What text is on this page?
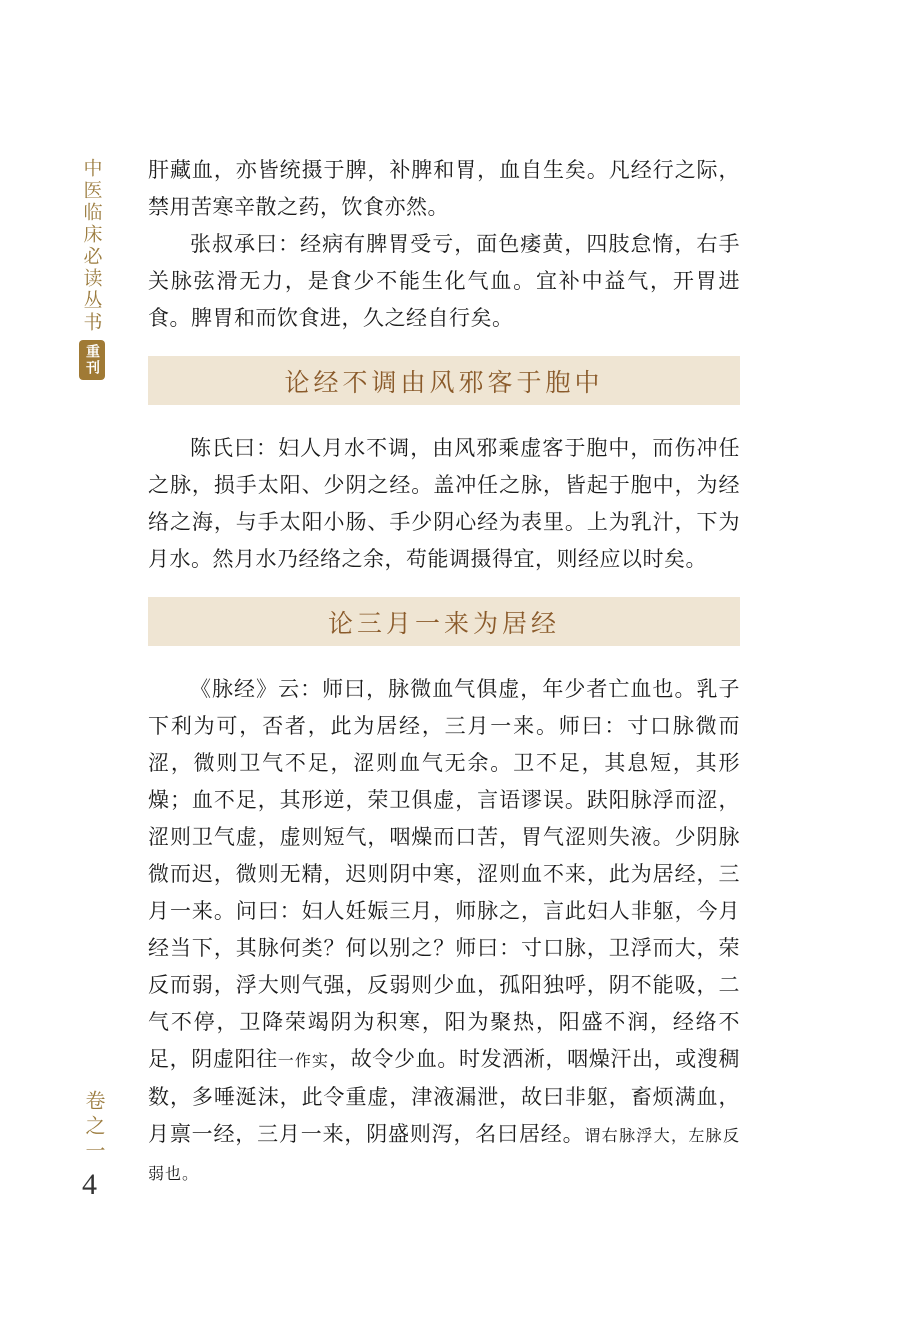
中医临床必读丛书
重刊
卷之一
4

肝藏血，亦皆统摄于脾，补脾和胃，血自生矣。凡经行之际，禁用苦寒辛散之药，饮食亦然。

张叔承曰：经病有脾胃受亏，面色痿黄，四肢怠惰，右手关脉弦滑无力，是食少不能生化气血。宜补中益气，开胃进食。脾胃和而饮食进，久之经自行矣。

论经不调由风邪客于胞中

陈氏曰：妇人月水不调，由风邪乘虚客于胞中，而伤冲任之脉，损手太阳、少阴之经。盖冲任之脉，皆起于胞中，为经络之海，与手太阳小肠、手少阴心经为表里。上为乳汁，下为月水。然月水乃经络之余，苟能调摄得宜，则经应以时矣。

论三月一来为居经

《脉经》云：师曰，脉微血气俱虚，年少者亡血也。乳子下利为可，否者，此为居经，三月一来。师曰：寸口脉微而涩，微则卫气不足，涩则血气无余。卫不足，其息短，其形燥；血不足，其形逆，荣卫俱虚，言语谬误。趺阳脉浮而涩，涩则卫气虚，虚则短气，咽燥而口苦，胃气涩则失液。少阴脉微而迟，微则无精，迟则阴中寒，涩则血不来，此为居经，三月一来。问曰：妇人妊娠三月，师脉之，言此妇人非躯，今月经当下，其脉何类？何以别之？师曰：寸口脉，卫浮而大，荣反而弱，浮大则气强，反弱则少血，孤阳独呼，阴不能吸，二气不停，卫降荣竭阴为积寒，阳为聚热，阳盛不润，经络不足，阴虚阳往一作实，故令少血。时发洒淅，咽燥汗出，或溲稠数，多唾涎沫，此令重虚，津液漏泄，故曰非躯，畜烦满血，月禀一经，三月一来，阴盛则泻，名曰居经。谓右脉浮大，左脉反弱也。
